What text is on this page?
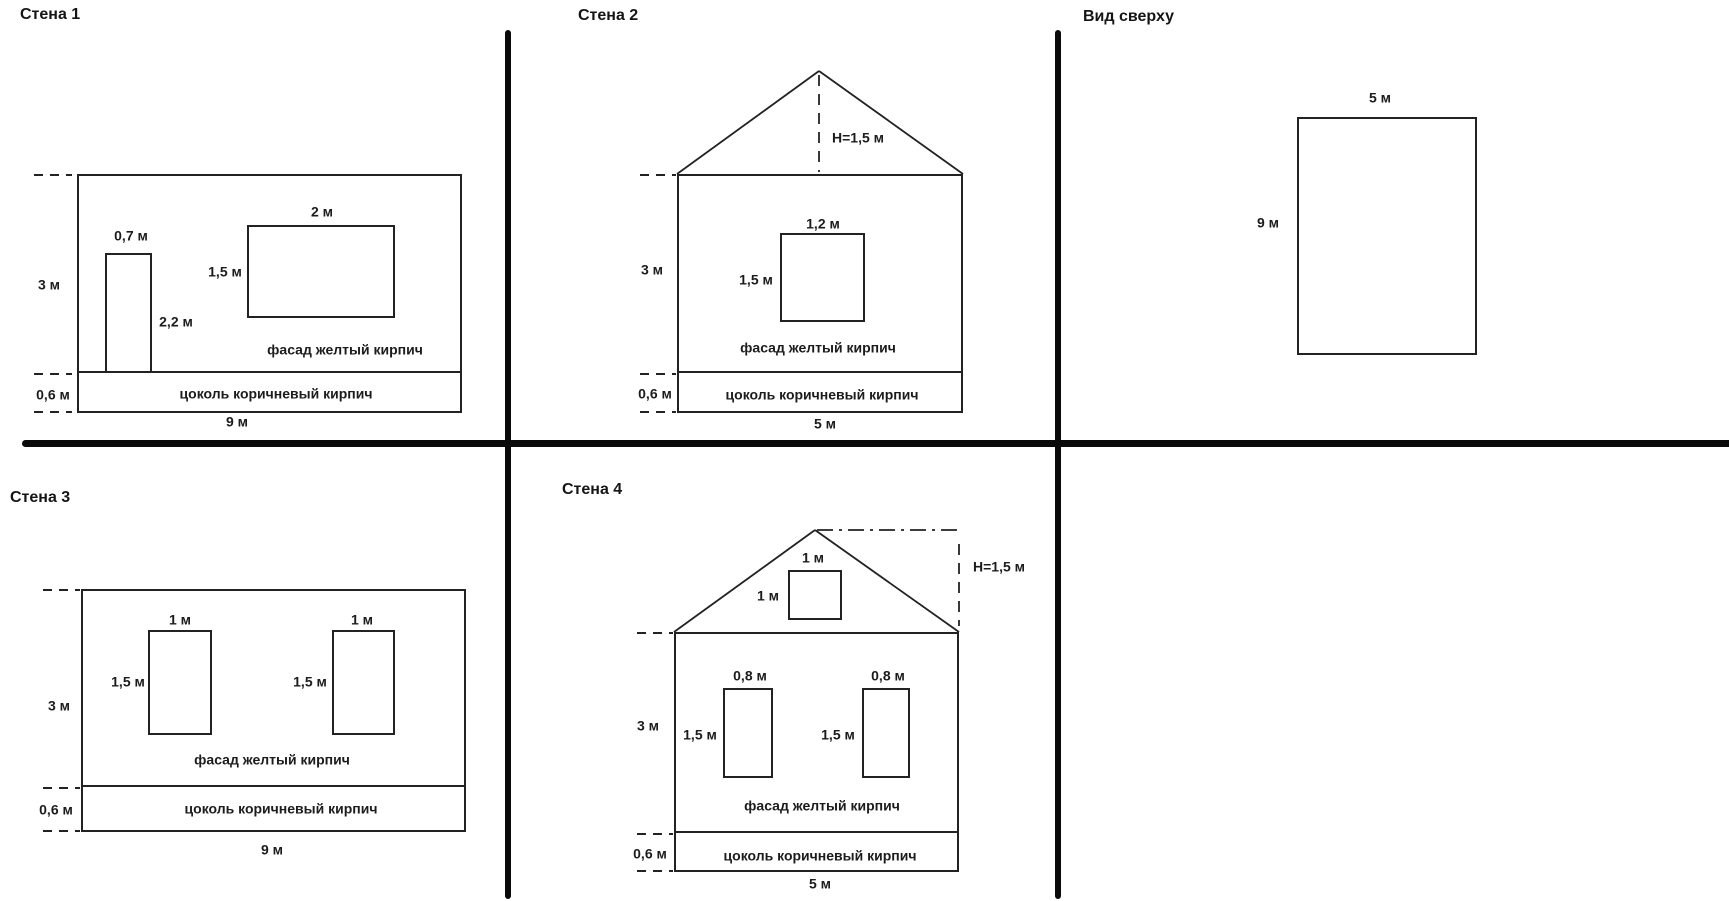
Стена 1
3 м
0,6 м
0,7 м
2,2 м
2 м
1,5 м
фасад желтый кирпич
цоколь коричневый кирпич
9 м
Стена 2
H=1,5 м
3 м
1,2 м
1,5 м
фасад желтый кирпич
0,6 м	цоколь коричневый кирпич
5 м
Вид сверху
5 м
9 м
Стена 3
1 м	1 м
1,5 м	1,5 м
3 м
фасад желтый кирпич
0,6 м	цоколь коричневый кирпич
9 м
Стена 4
H=1,5 м
1 м
1 м
0,8 м	0,8 м
1,5 м	1,5 м
3 м
фасад желтый кирпич
0,6 м	цоколь коричневый кирпич
5 м
